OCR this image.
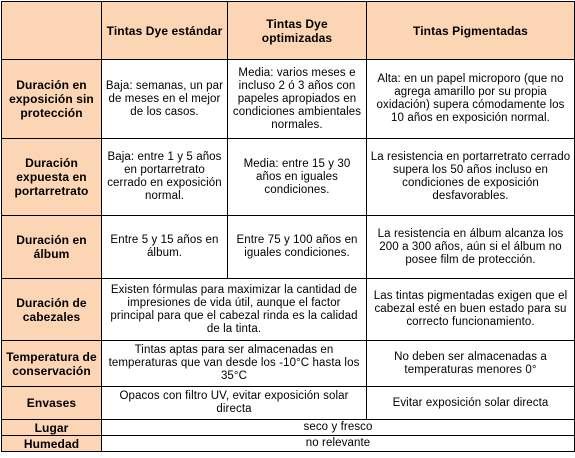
	Tintas Dye estándar	Tintas Dye optimizadas	Tintas Pigmentadas
Duración en exposición sin protección	Baja: semanas, un par de meses en el mejor de los casos.	Media: varios meses e incluso 2 ó 3 años con papeles apropiados en condiciones ambientales normales.	Alta: en un papel microporo (que no agrega amarillo por su propia oxidación) supera cómodamente los 10 años en exposición normal.
Duración expuesta en portarretrato	Baja: entre 1 y 5 años en portarretrato cerrado en exposición normal.	Media: entre 15 y 30 años en iguales condiciones.	La resistencia en portarretrato cerrado supera los 50 años incluso en condiciones de exposición desfavorables.
Duración en álbum	Entre 5 y 15 años en álbum.	Entre 75 y 100 años en iguales condiciones.	La resistencia en álbum alcanza los 200 a 300 años, aún si el álbum no posee film de protección.
Duración de cabezales	Existen fórmulas para maximizar la cantidad de impresiones de vida útil, aunque el factor principal para que el cabezal rinda es la calidad de la tinta.		Las tintas pigmentadas exigen que el cabezal esté en buen estado para su correcto funcionamiento.
Temperatura de conservación	Tintas aptas para ser almacenadas en temperaturas que van desde los -10°C hasta los 35°C		No deben ser almacenadas a temperaturas menores 0°
Envases	Opacos con filtro UV, evitar exposición solar directa		Evitar exposición solar directa
Lugar	seco y fresco		
Humedad	no relevante		
